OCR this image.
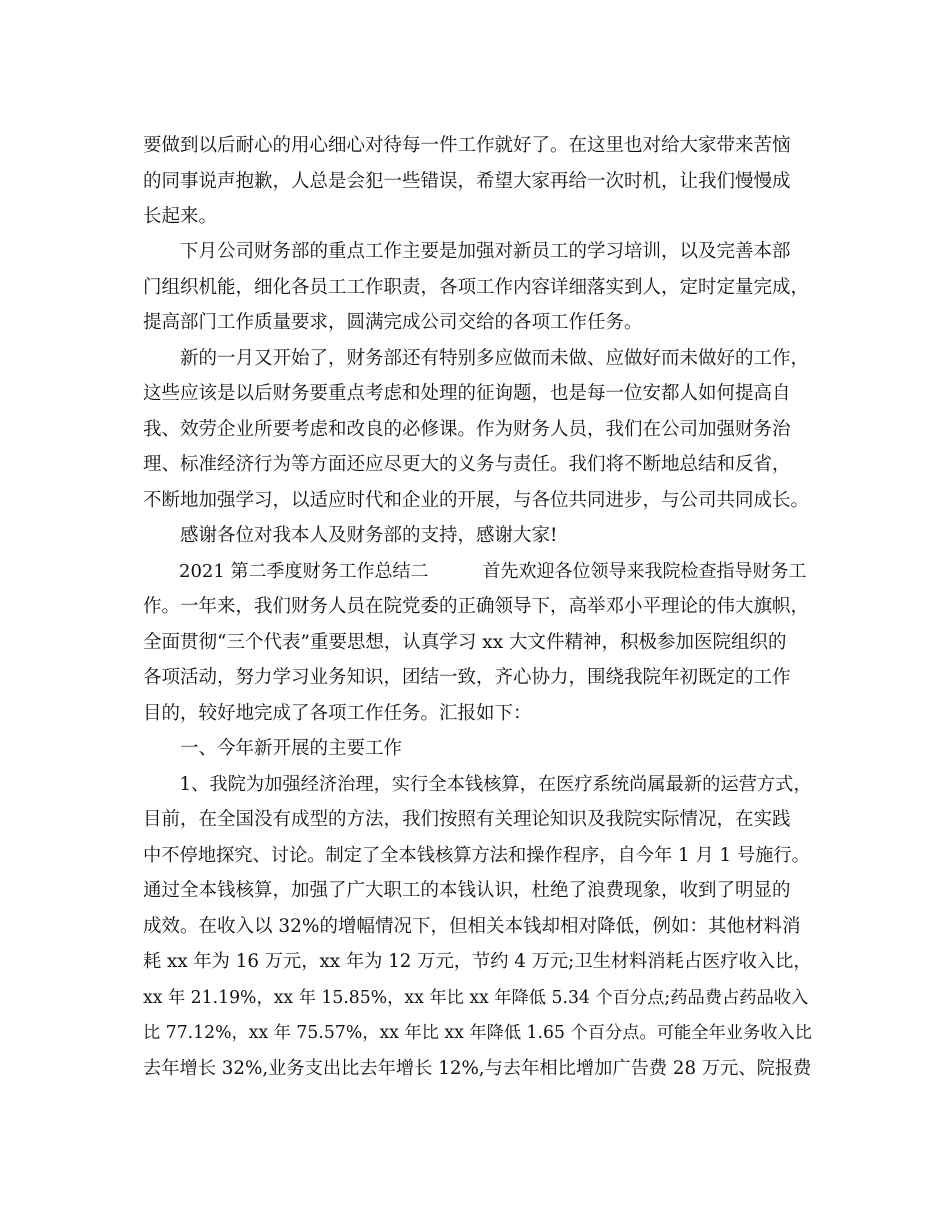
要做到以后耐心的用心细心对待每一件工作就好了。在这里也对给大家带来苦恼
的同事说声抱歉，人总是会犯一些错误，希望大家再给一次时机，让我们慢慢成
长起来。
　　下月公司财务部的重点工作主要是加强对新员工的学习培训，以及完善本部
门组织机能，细化各员工工作职责，各项工作内容详细落实到人，定时定量完成，
提高部门工作质量要求，圆满完成公司交给的各项工作任务。
　　新的一月又开始了，财务部还有特别多应做而未做、应做好而未做好的工作，
这些应该是以后财务要重点考虑和处理的征询题，也是每一位安都人如何提高自
我、效劳企业所要考虑和改良的必修课。作为财务人员，我们在公司加强财务治
理、标准经济行为等方面还应尽更大的义务与责任。我们将不断地总结和反省，
不断地加强学习，以适应时代和企业的开展，与各位共同进步，与公司共同成长。
　　感谢各位对我本人及财务部的支持，感谢大家!
　　2021 第二季度财务工作总结二　　　首先欢迎各位领导来我院检查指导财务工
作。一年来，我们财务人员在院党委的正确领导下，高举邓小平理论的伟大旗帜，
全面贯彻“三个代表”重要思想，认真学习 xx 大文件精神，积极参加医院组织的
各项活动，努力学习业务知识，团结一致，齐心协力，围绕我院年初既定的工作
目的，较好地完成了各项工作任务。汇报如下：
　　一、今年新开展的主要工作
　　1、我院为加强经济治理，实行全本钱核算，在医疗系统尚属最新的运营方式，
目前，在全国没有成型的方法，我们按照有关理论知识及我院实际情况，在实践
中不停地探究、讨论。制定了全本钱核算方法和操作程序，自今年 1 月 1 号施行。
通过全本钱核算，加强了广大职工的本钱认识，杜绝了浪费现象，收到了明显的
成效。在收入以 32%的增幅情况下，但相关本钱却相对降低，例如：其他材料消
耗 xx 年为 16 万元，xx 年为 12 万元，节约 4 万元;卫生材料消耗占医疗收入比，
xx 年 21.19%，xx 年 15.85%，xx 年比 xx 年降低 5.34 个百分点;药品费占药品收入
比 77.12%，xx 年 75.57%，xx 年比 xx 年降低 1.65 个百分点。可能全年业务收入比
去年增长 32%,业务支出比去年增长 12%,与去年相比增加广告费 28 万元、院报费
